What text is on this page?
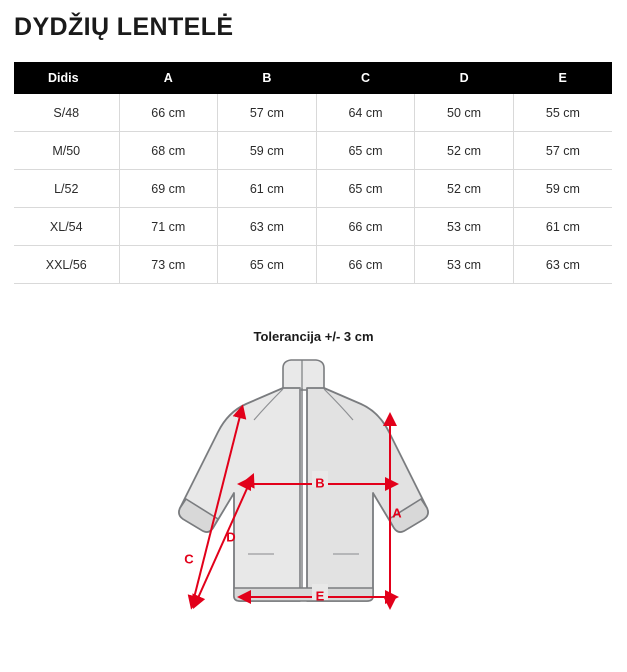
DYDŽIŲ LENTELĖ
Didis	A	B	C	D	E
S/48	66 cm	57 cm	64 cm	50 cm	55 cm
M/50	68 cm	59 cm	65 cm	52 cm	57 cm
L/52	69 cm	61 cm	65 cm	52 cm	59 cm
XL/54	71 cm	63 cm	66 cm	53 cm	61 cm
XXL/56	73 cm	65 cm	66 cm	53 cm	63 cm
Tolerancija +/- 3 cm
B
E
A
C
D
